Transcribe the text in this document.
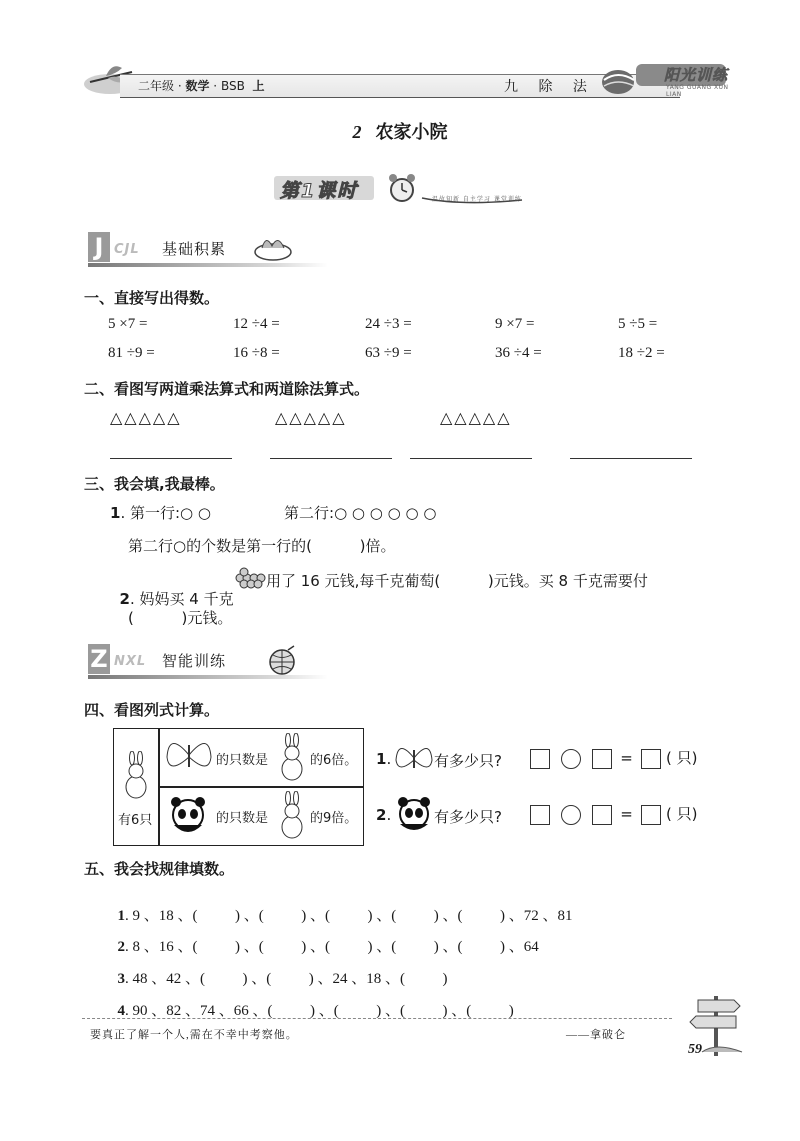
二年级 · 数学 · BSB 上	九 除 法
阳光训练
YANG GUANG XUN LIAN
2 农家小院
第1课时	温故知新 自主学习 课堂训练
J CJL 基础积累
一、直接写出得数。
5 ×7 =	12 ÷4 =	24 ÷3 =	9 ×7 =	5 ÷5 =
81 ÷9 =	16 ÷8 =	63 ÷9 =	36 ÷4 =	18 ÷2 =
二、看图写两道乘法算式和两道除法算式。
△△△△△	△△△△△	△△△△△
三、我会填,我最棒。
1. 第一行:○ ○	第二行:○ ○ ○ ○ ○ ○
第二行○的个数是第一行的(          )倍。

2. 妈妈买 4 千克

用了 16 元钱,每千克葡萄(          )元钱。买 8 千克需要付
(          )元钱。
Z NXL 智能训练
四、看图列式计算。
有6只
的只数是	的6倍。
的只数是	的9倍。
1.	有多少只?	= ( 只)
2.	有多少只?	= ( 只)
五、我会找规律填数。

1. 9 、18 、(          ) 、(          ) 、(          ) 、(          ) 、(          ) 、72 、81

2. 8 、16 、(          ) 、(          ) 、(          ) 、(          ) 、(          ) 、64

3. 48 、42 、(          ) 、(          ) 、24 、18 、(          )

4. 90 、82 、74 、66 、(          ) 、(          ) 、(          ) 、(          )

要真正了解一个人,需在不幸中考察他。	——拿破仑
59
